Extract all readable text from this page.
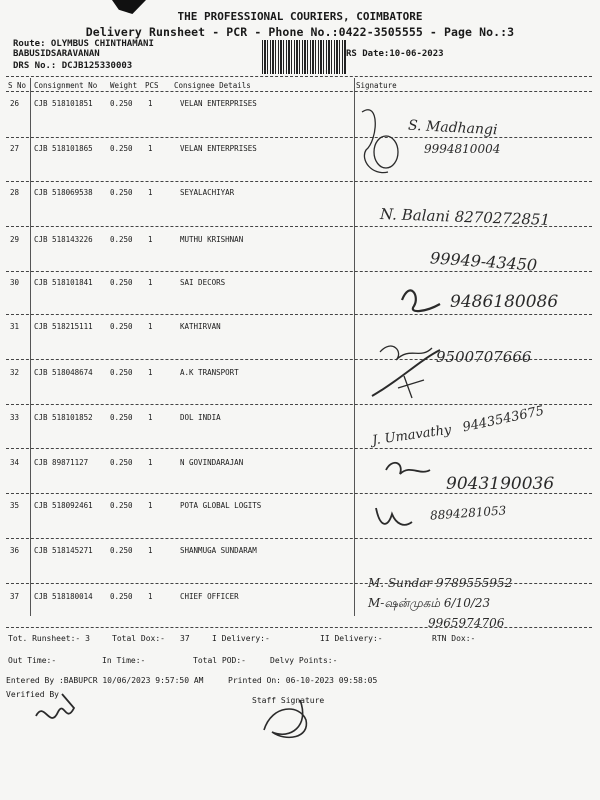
THE PROFESSIONAL COURIERS, COIMBATORE
Delivery Runsheet - PCR - Phone No.:0422-3505555 - Page No.:3
Route: OLYMBUS CHINTHAMANI
BABUSIDSARAVANAN
DRS No.: DCJB125330003
RS Date:10-06-2023
S No Consignment No Weight PCS Consignee Details	Signature
26 CJB 518101851 0.250 1	VELAN ENTERPRISES
27 CJB 518101865 0.250 1	VELAN ENTERPRISES
28 CJB 518069538 0.250 1	SEYALACHIYAR
29 CJB 518143226 0.250 1	MUTHU KRISHNAN
30 CJB 518101841 0.250 1	SAI DECORS
31 CJB 518215111 0.250 1	KATHIRVAN
32 CJB 518048674 0.250 1	A.K TRANSPORT
33 CJB 518101852 0.250 1	DOL INDIA
34 CJB 89871127	0.250 1	N GOVINDARAJAN
35 CJB 518092461 0.250 1	POTA GLOBAL LOGITS
36 CJB 518145271 0.250 1	SHANMUGA SUNDARAM
37 CJB 518180014 0.250 1	CHIEF OFFICER
S. Madhangi
9994810004
N. Balani 8270272851
99949-43450
9486180086
9500707666
J. Umavathy
9443543675
9043190036
8894281053
M. Sundar 9789555952
M-ஷன்முகம் 6/10/23
9965974706
Tot. Runsheet:- 3	Total Dox:- 37	I Delivery:-	II Delivery:-	RTN Dox:-
Out Time:-	In Time:-	Total POD:-	Delvy Points:-
Entered By :BABUPCR 10/06/2023 9:57:50 AM	Printed On: 06-10-2023 09:58:05
Verified By
Staff Signature
